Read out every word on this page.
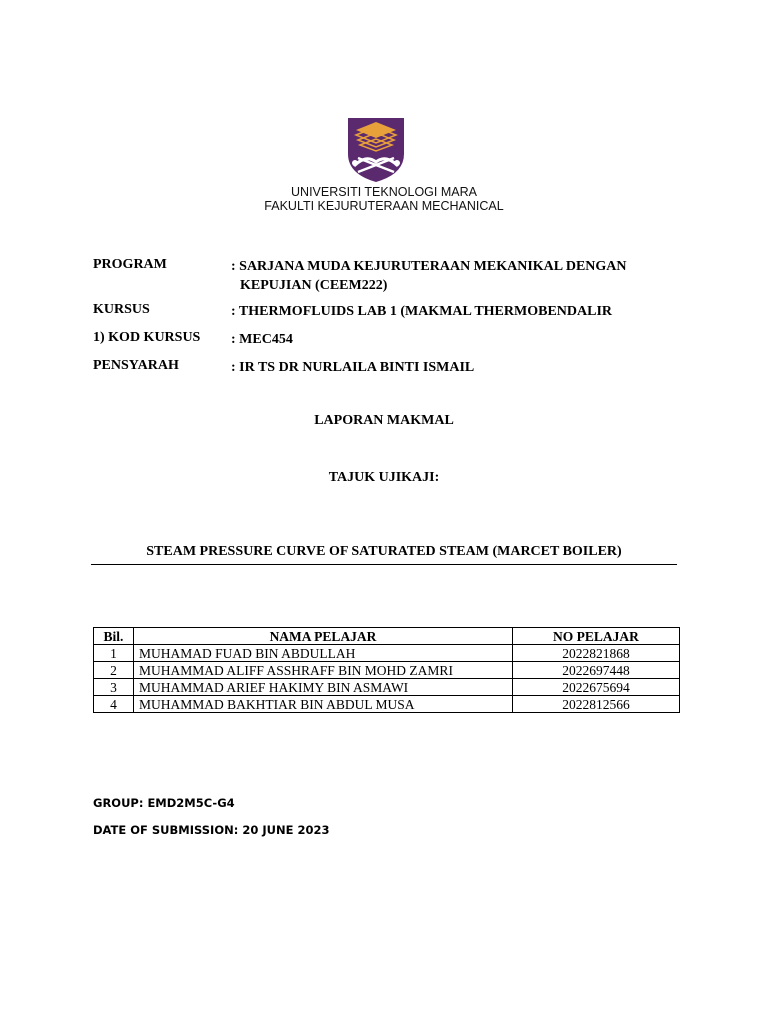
UNIVERSITI TEKNOLOGI MARA
FAKULTI KEJURUTERAAN MECHANICAL
PROGRAM	: SARJANA MUDA KEJURUTERAAN MEKANIKAL DENGAN
KEPUJIAN (CEEM222)
KURSUS	: THERMOFLUIDS LAB 1 (MAKMAL THERMOBENDALIR
1) KOD KURSUS : MEC454
PENSYARAH	: IR TS DR NURLAILA BINTI ISMAIL
LAPORAN MAKMAL
TAJUK UJIKAJI:
STEAM PRESSURE CURVE OF SATURATED STEAM (MARCET BOILER)
Bil.	NAMA PELAJAR	NO PELAJAR
1	MUHAMAD FUAD BIN ABDULLAH	2022821868
2	MUHAMMAD ALIFF ASSHRAFF BIN MOHD ZAMRI	2022697448
3	MUHAMMAD ARIEF HAKIMY BIN ASMAWI	2022675694
4	MUHAMMAD BAKHTIAR BIN ABDUL MUSA	2022812566
GROUP: EMD2M5C-G4
DATE OF SUBMISSION: 20 JUNE 2023
